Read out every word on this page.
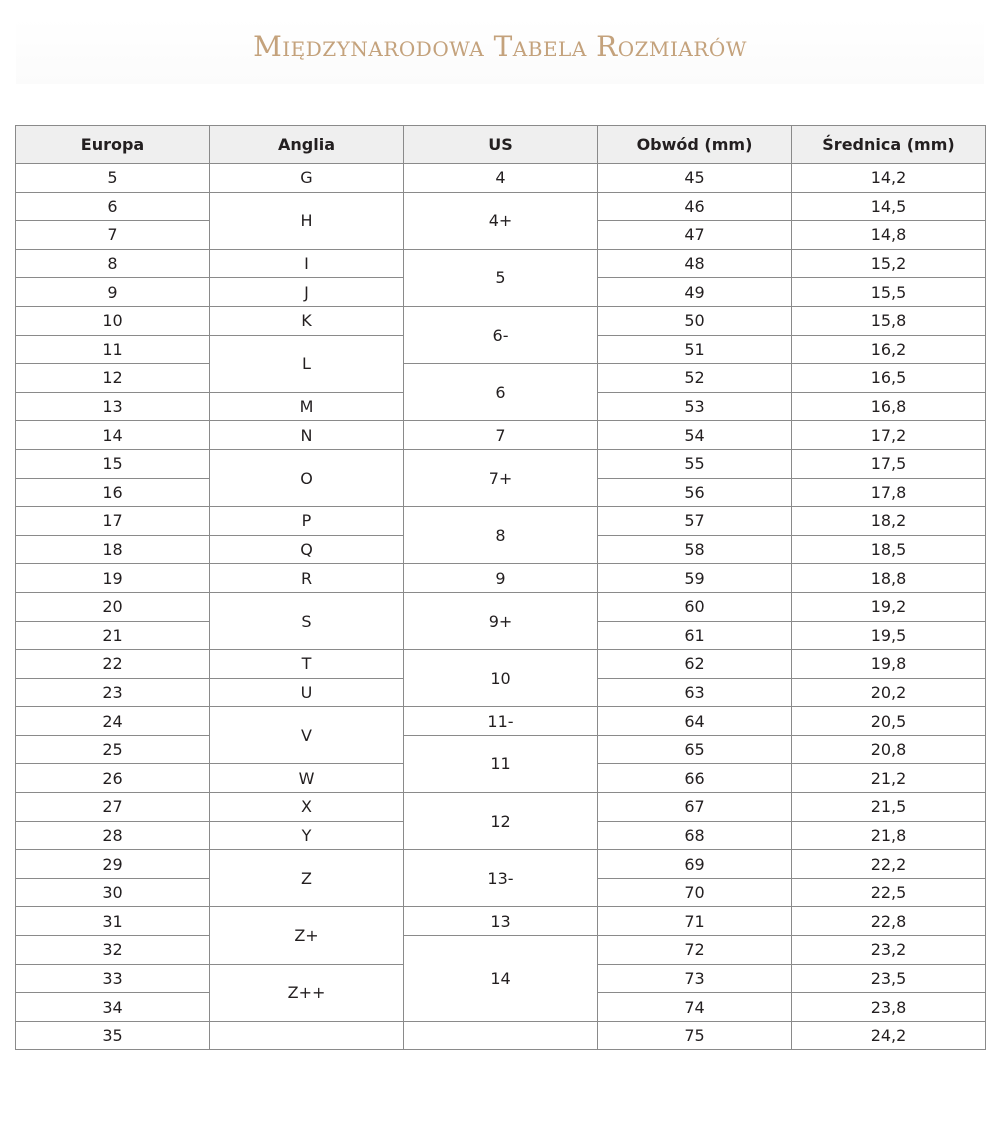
Międzynarodowa Tabela Rozmiarów
Europa	Anglia	US	Obwód (mm)	Średnica (mm)
5	G	4	45	14,2
6	H	4+	46	14,5
7			47	14,8
8	I	5	48	15,2
9	J		49	15,5
10	K	6-	50	15,8
11	L		51	16,2
12		6	52	16,5
13	M		53	16,8
14	N	7	54	17,2
15	O	7+	55	17,5
16			56	17,8
17	P	8	57	18,2
18	Q		58	18,5
19	R	9	59	18,8
20	S	9+	60	19,2
21			61	19,5
22	T	10	62	19,8
23	U		63	20,2
24	V	11-	64	20,5
25		11	65	20,8
26	W		66	21,2
27	X	12	67	21,5
28	Y		68	21,8
29	Z	13-	69	22,2
30			70	22,5
31	Z+	13	71	22,8
32		14	72	23,2
33	Z++		73	23,5
34			74	23,8
35			75	24,2
